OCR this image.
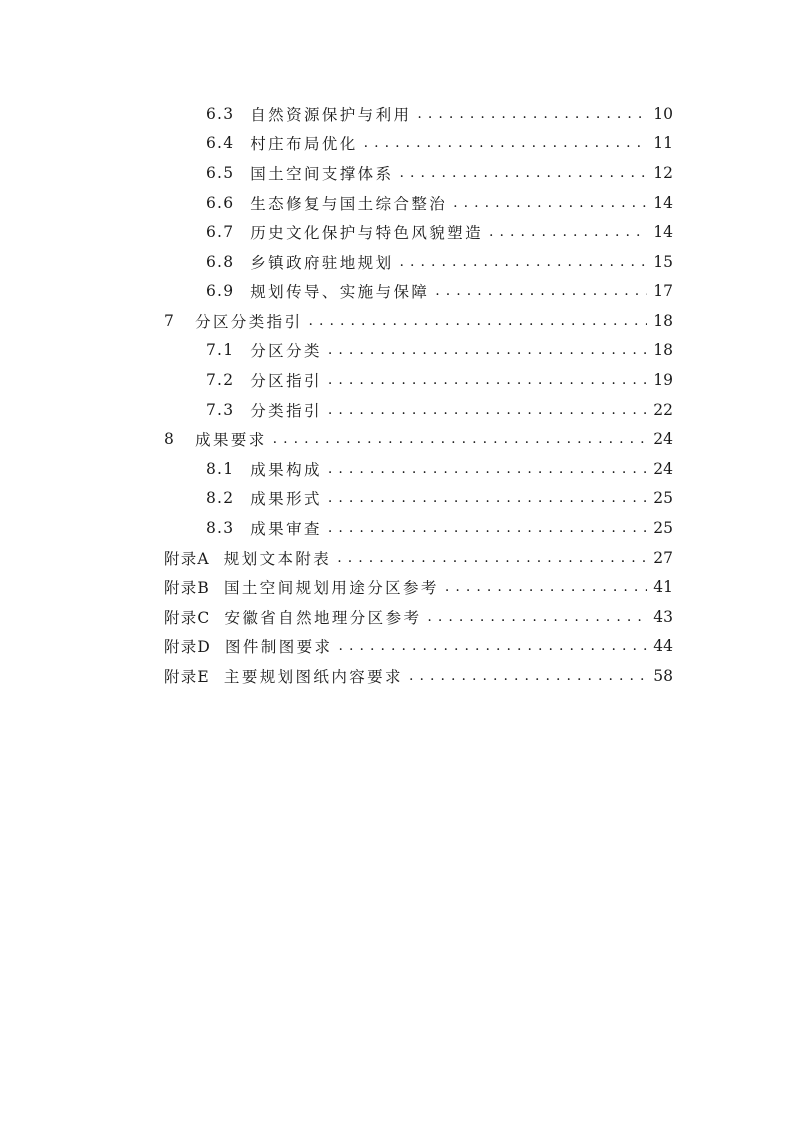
6.3 自然资源保护与利用 . . .	10
6.4 村庄布局优化 . . .	11
6.5 国土空间支撑体系 . . .	12
6.6 生态修复与国土综合整治 . . .	14
6.7 历史文化保护与特色风貌塑造 . . .	14
6.8 乡镇政府驻地规划 . . .	15
6.9 规划传导、实施与保障 . . .	17
7 分区分类指引 . . .	18
7.1 分区分类 . . .	18
7.2 分区指引 . . .	19
7.3 分类指引 . . .	22
8 成果要求 . . .	24
8.1 成果构成 . . .	24
8.2 成果形式 . . .	25
8.3 成果审查 . . .	25
附录A 规划文本附表 . . .	27
附录B 国土空间规划用途分区参考 . . .	41
附录C 安徽省自然地理分区参考 . . .	43
附录D 图件制图要求 . . .	44
附录E 主要规划图纸内容要求 . . .	58
